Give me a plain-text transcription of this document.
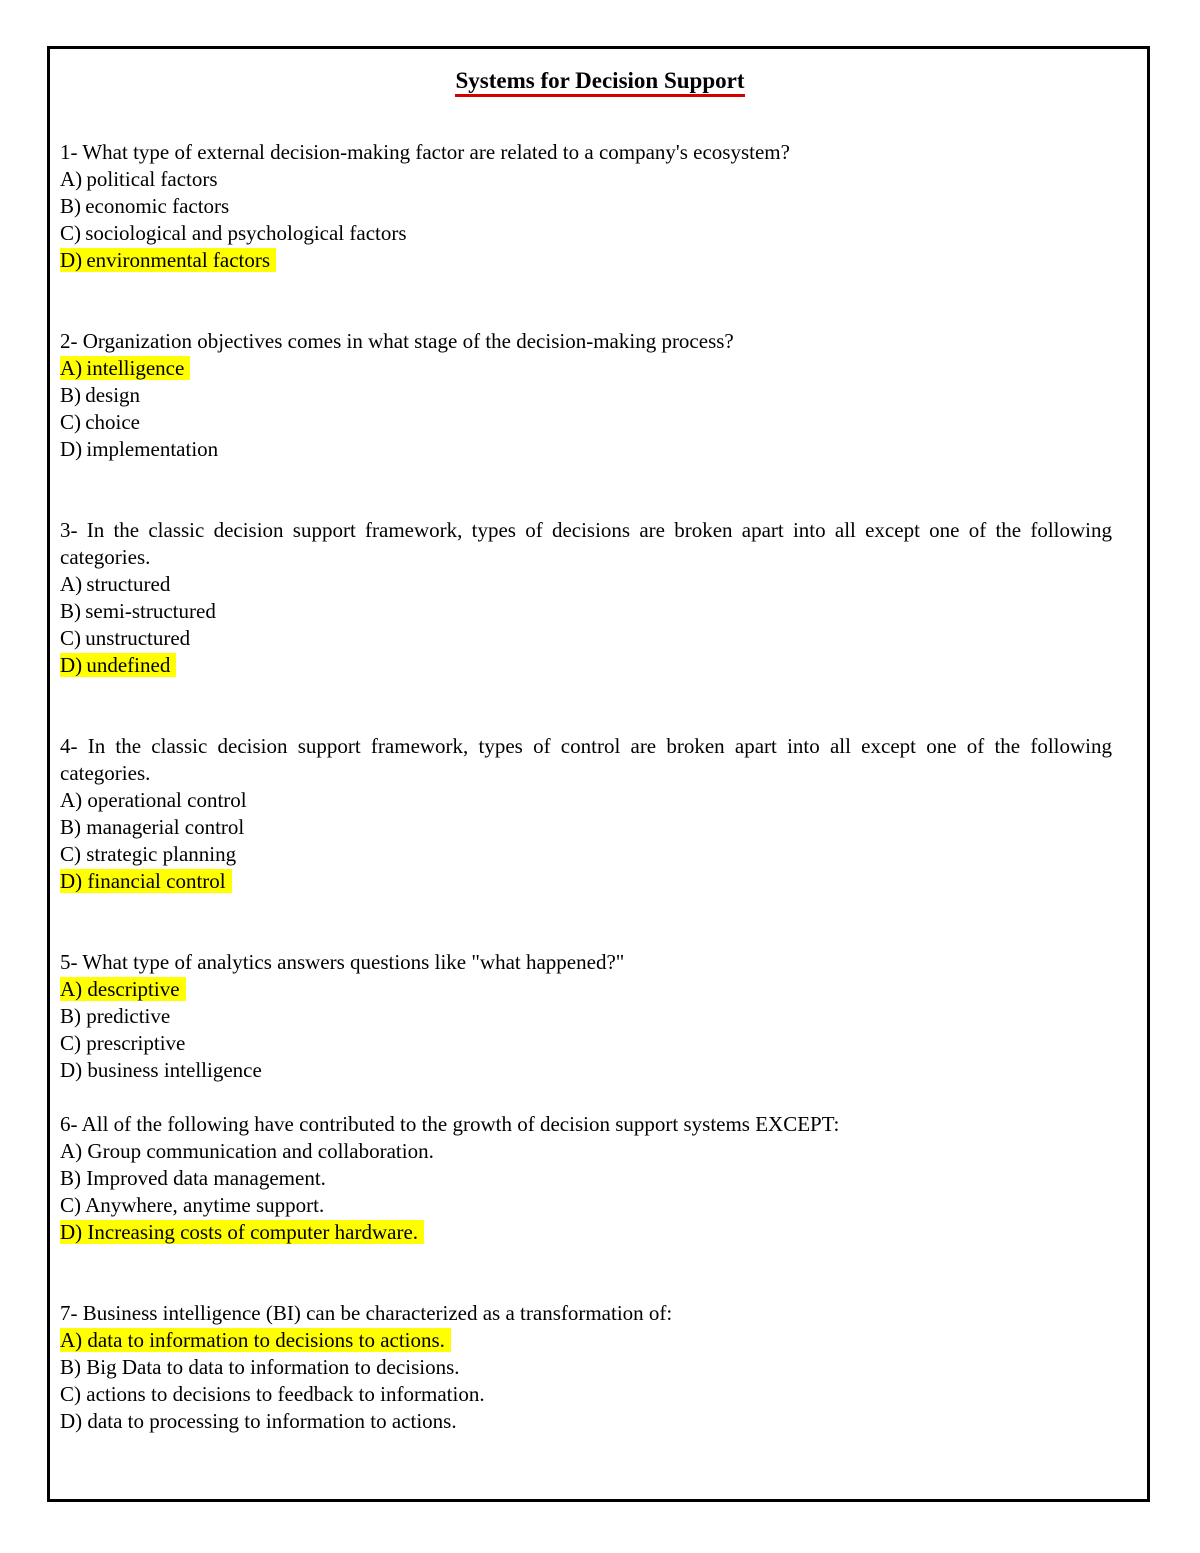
Systems for Decision Support

1- What type of external decision-making factor are related to a company's ecosystem?

A) political factors

B) economic factors

C) sociological and psychological factors

D) environmental factors

2- Organization objectives comes in what stage of the decision-making process?

A) intelligence

B) design

C) choice

D) implementation

3- In the classic decision support framework, types of decisions are broken apart into all except one of the following categories.

A) structured

B) semi-structured

C) unstructured

D) undefined

4- In the classic decision support framework, types of control are broken apart into all except one of the following categories.

A) operational control

B) managerial control

C) strategic planning

D) financial control

5- What type of analytics answers questions like "what happened?"

A) descriptive

B) predictive

C) prescriptive

D) business intelligence

6- All of the following have contributed to the growth of decision support systems EXCEPT:

A) Group communication and collaboration.

B) Improved data management.

C) Anywhere, anytime support.

D) Increasing costs of computer hardware.

7- Business intelligence (BI) can be characterized as a transformation of:

A) data to information to decisions to actions.

B) Big Data to data to information to decisions.

C) actions to decisions to feedback to information.

D) data to processing to information to actions.
